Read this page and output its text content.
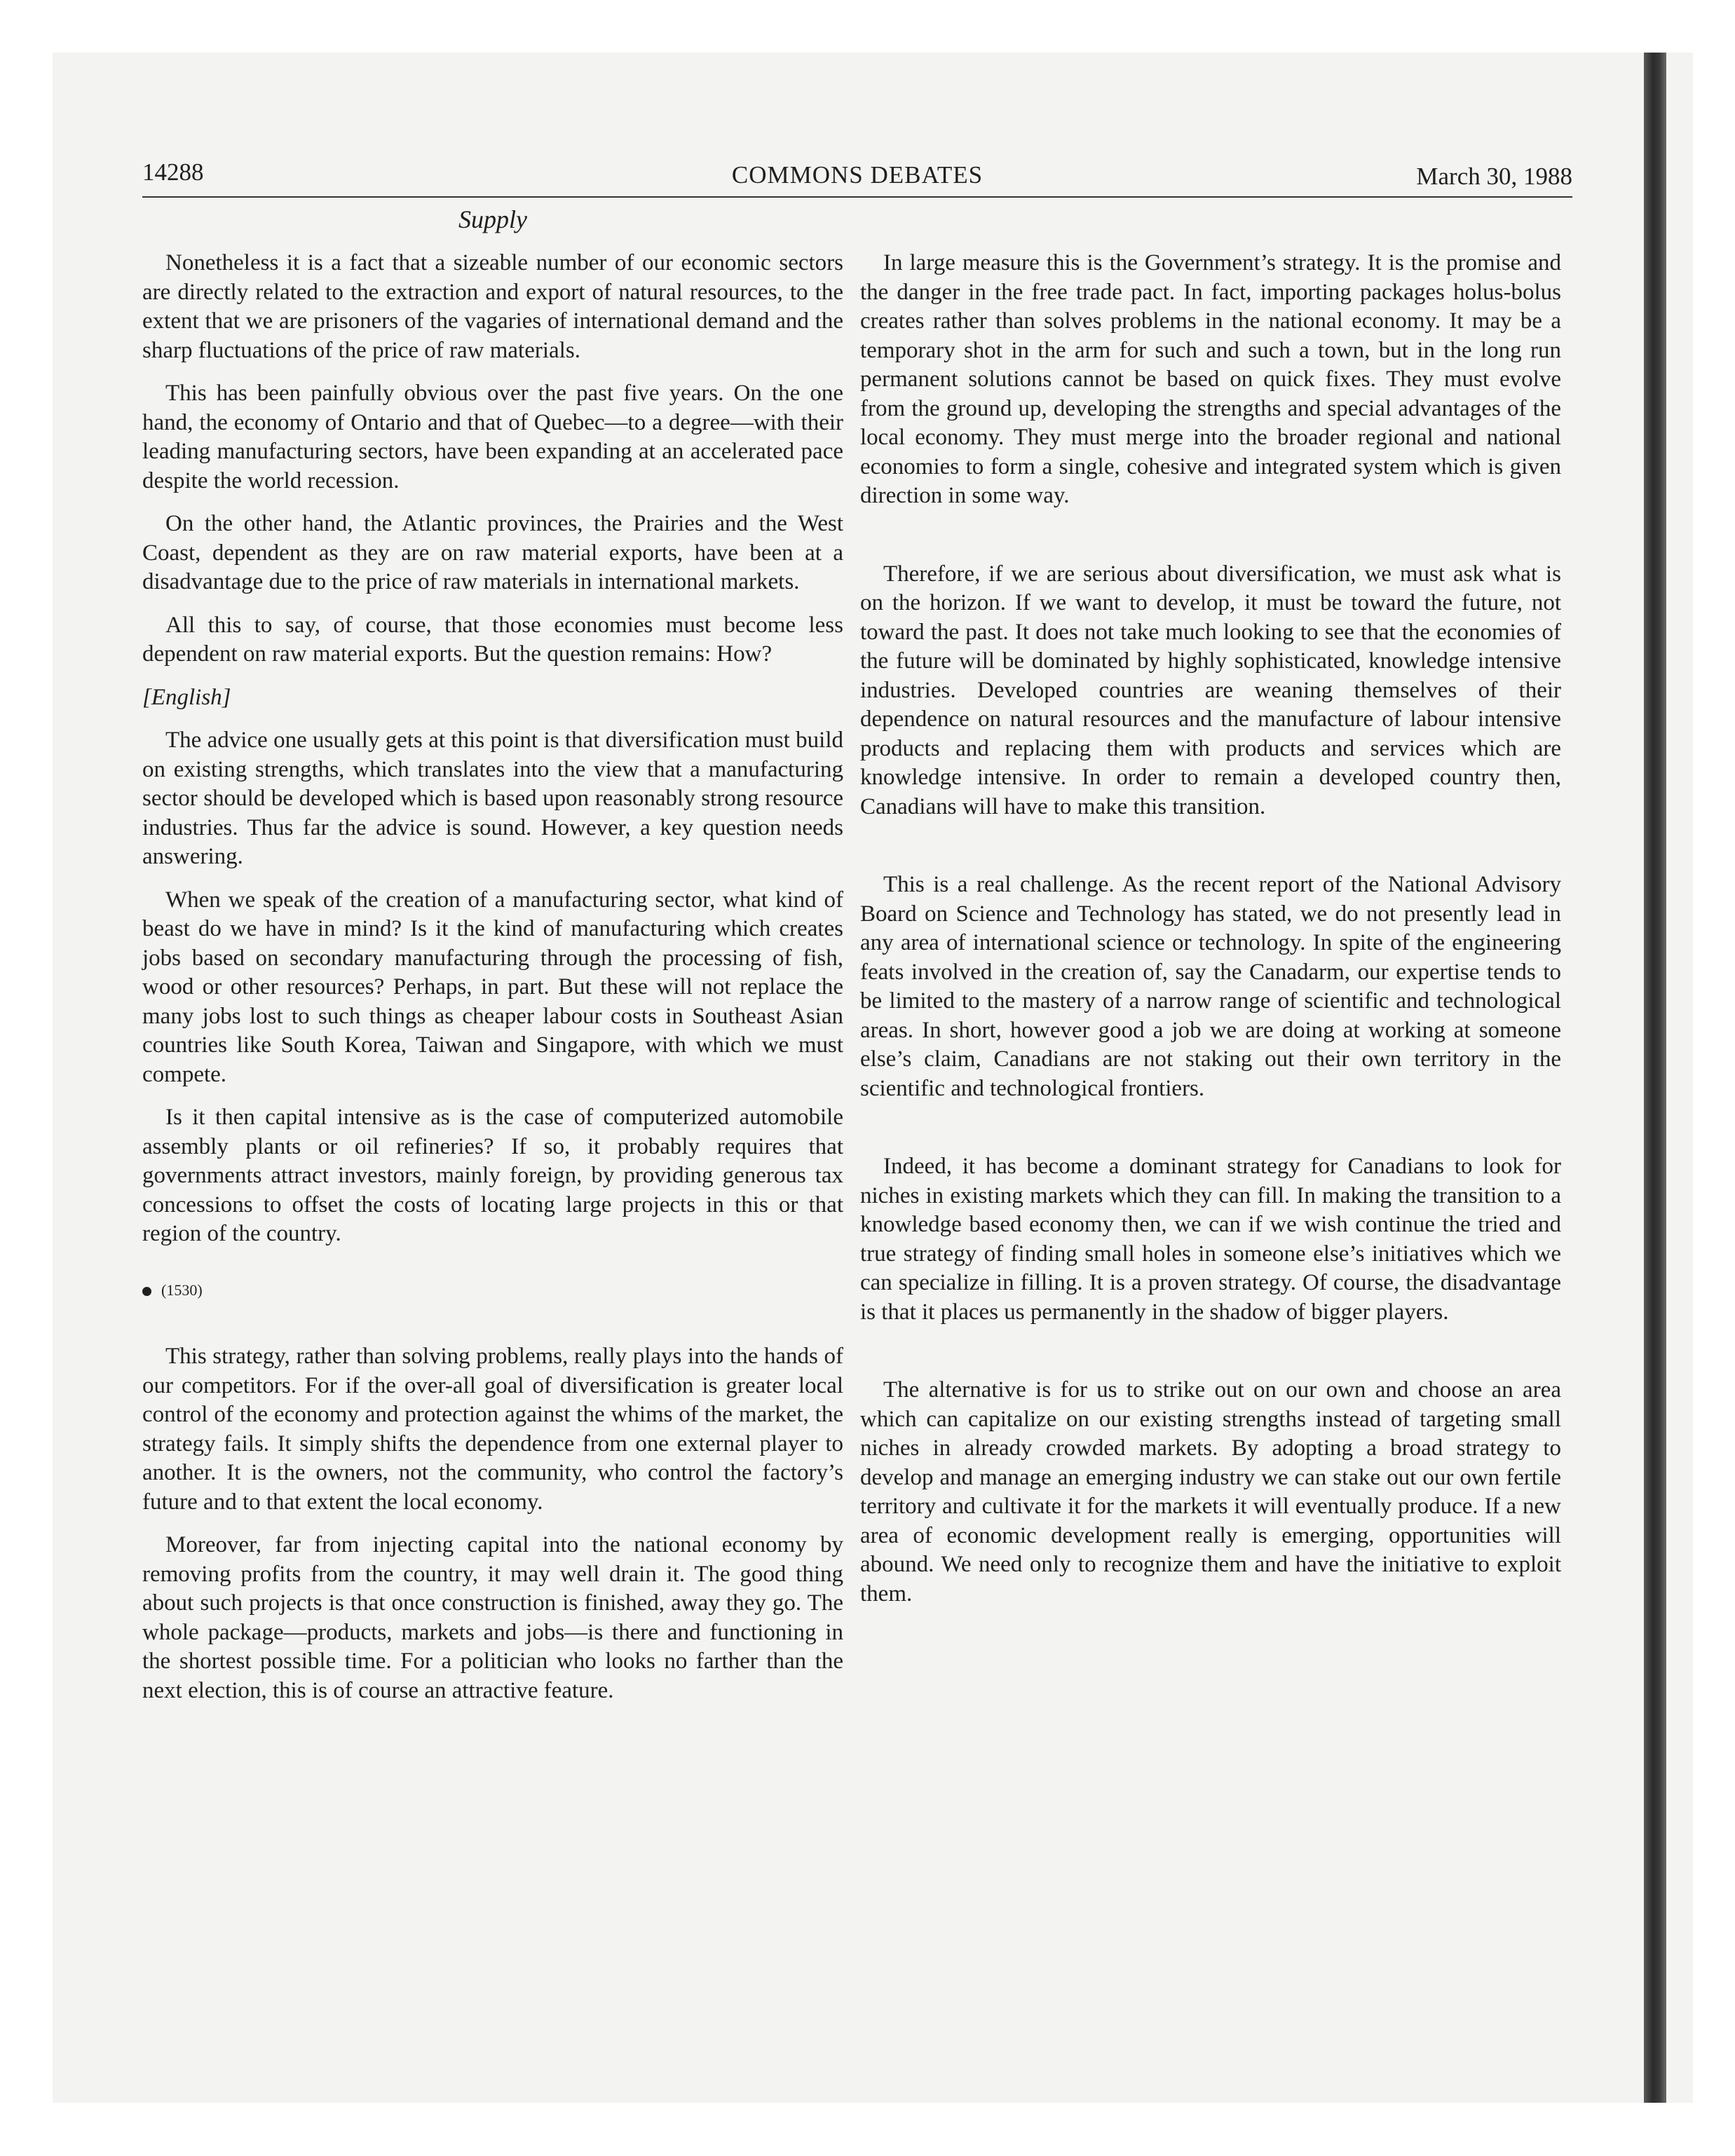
14288	COMMONS DEBATES	March 30, 1988
Supply

Nonetheless it is a fact that a sizeable number of our economic sectors are directly related to the extraction and export of natural resources, to the extent that we are prisoners of the vagaries of international demand and the sharp fluctuations of the price of raw materials.

This has been painfully obvious over the past five years. On the one hand, the economy of Ontario and that of Quebec—to a degree—with their leading manufacturing sectors, have been expanding at an accelerated pace despite the world recession.

On the other hand, the Atlantic provinces, the Prairies and the West Coast, dependent as they are on raw material exports, have been at a disadvantage due to the price of raw materials in international markets.

All this to say, of course, that those economies must become less dependent on raw material exports. But the question remains: How?

[English]

The advice one usually gets at this point is that diversification must build on existing strengths, which translates into the view that a manufacturing sector should be developed which is based upon reasonably strong resource industries. Thus far the advice is sound. However, a key question needs answering.

When we speak of the creation of a manufacturing sector, what kind of beast do we have in mind? Is it the kind of manufacturing which creates jobs based on secondary manufacturing through the processing of fish, wood or other resources? Perhaps, in part. But these will not replace the many jobs lost to such things as cheaper labour costs in Southeast Asian countries like South Korea, Taiwan and Singapore, with which we must compete.

Is it then capital intensive as is the case of computerized automobile assembly plants or oil refineries? If so, it probably requires that governments attract investors, mainly foreign, by providing generous tax concessions to offset the costs of locating large projects in this or that region of the country.

(1530)

This strategy, rather than solving problems, really plays into the hands of our competitors. For if the over-all goal of diversification is greater local control of the economy and protection against the whims of the market, the strategy fails. It simply shifts the dependence from one external player to another. It is the owners, not the community, who control the factory’s future and to that extent the local economy.

Moreover, far from injecting capital into the national economy by removing profits from the country, it may well drain it. The good thing about such projects is that once construction is finished, away they go. The whole package—products, markets and jobs—is there and functioning in the shortest possible time. For a politician who looks no farther than the next election, this is of course an attractive feature.

In large measure this is the Government’s strategy. It is the promise and the danger in the free trade pact. In fact, importing packages holus-bolus creates rather than solves problems in the national economy. It may be a temporary shot in the arm for such and such a town, but in the long run permanent solutions cannot be based on quick fixes. They must evolve from the ground up, developing the strengths and special advantages of the local economy. They must merge into the broader regional and national economies to form a single, cohesive and integrated system which is given direction in some way.

Therefore, if we are serious about diversification, we must ask what is on the horizon. If we want to develop, it must be toward the future, not toward the past. It does not take much looking to see that the economies of the future will be dominated by highly sophisticated, knowledge intensive industries. Developed countries are weaning themselves of their dependence on natural resources and the manufacture of labour intensive products and replacing them with products and services which are knowledge intensive. In order to remain a developed country then, Canadians will have to make this transition.

This is a real challenge. As the recent report of the National Advisory Board on Science and Technology has stated, we do not presently lead in any area of international science or technology. In spite of the engineering feats involved in the creation of, say the Canadarm, our expertise tends to be limited to the mastery of a narrow range of scientific and technological areas. In short, however good a job we are doing at working at someone else’s claim, Canadians are not staking out their own territory in the scientific and technological frontiers.

Indeed, it has become a dominant strategy for Canadians to look for niches in existing markets which they can fill. In making the transition to a knowledge based economy then, we can if we wish continue the tried and true strategy of finding small holes in someone else’s initiatives which we can specialize in filling. It is a proven strategy. Of course, the disadvantage is that it places us permanently in the shadow of bigger players.

The alternative is for us to strike out on our own and choose an area which can capitalize on our existing strengths instead of targeting small niches in already crowded markets. By adopting a broad strategy to develop and manage an emerging industry we can stake out our own fertile territory and cultivate it for the markets it will eventually produce. If a new area of economic development really is emerging, opportunities will abound. We need only to recognize them and have the initiative to exploit them.
